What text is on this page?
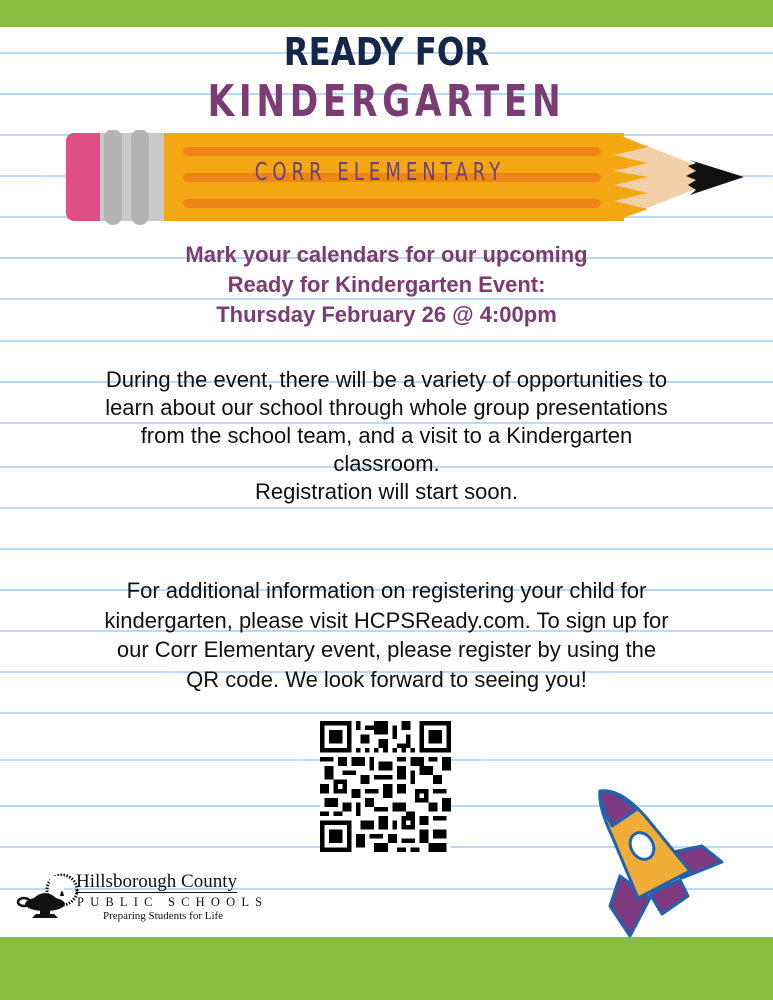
READY FOR
KINDERGARTEN
CORR ELEMENTARY
Mark your calendars for our upcoming
Ready for Kindergarten Event:
Thursday February 26 @ 4:00pm
During the event, there will be a variety of opportunities to
learn about our school through whole group presentations
from the school team, and a visit to a Kindergarten
classroom.
Registration will start soon.
For additional information on registering your child for
kindergarten, please visit HCPSReady.com. To sign up for
our Corr Elementary event, please register by using the
QR code. We look forward to seeing you!
Hillsborough County
PUBLIC SCHOOLS
Preparing Students for Life
